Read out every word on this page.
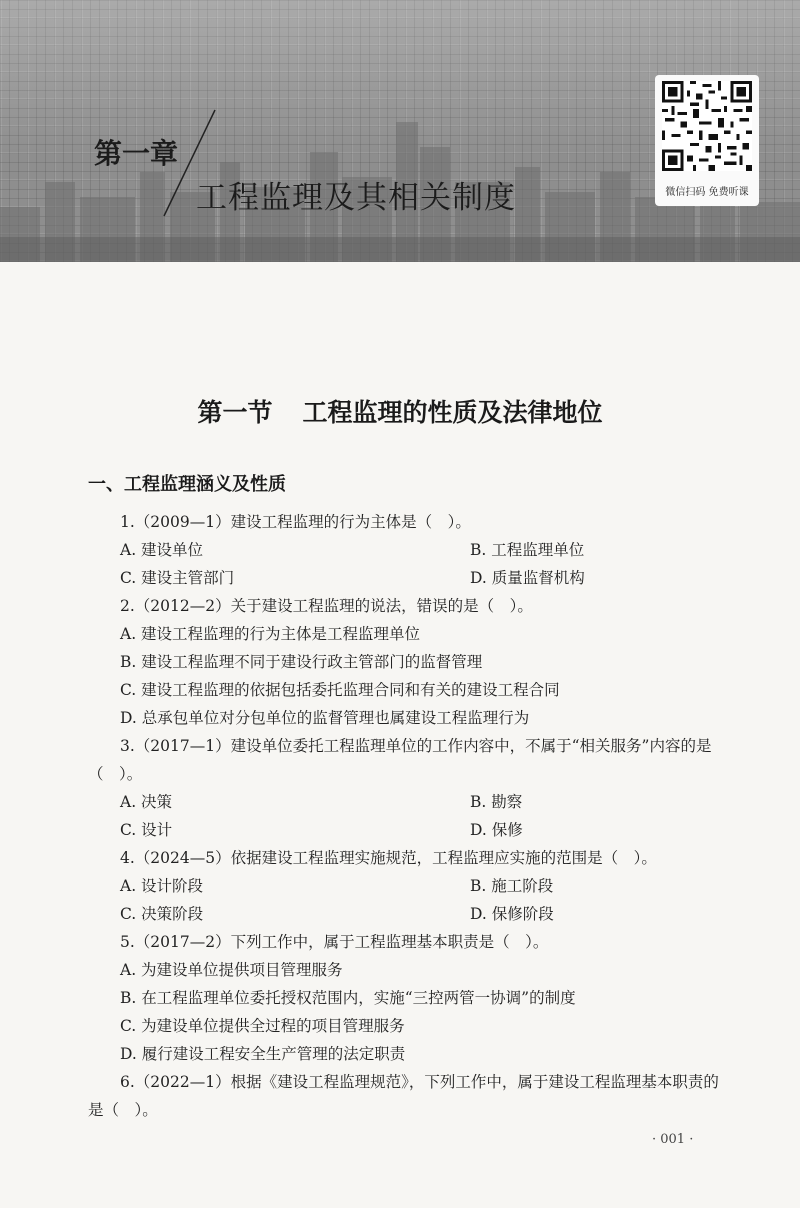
第一章
工程监理及其相关制度	微信扫码 免费听课
第一节 工程监理的性质及法律地位
一、工程监理涵义及性质

1.（2009—1）建设工程监理的行为主体是（　）。

A. 建设单位	B. 工程监理单位
C. 建设主管部门	D. 质量监督机构

2.（2012—2）关于建设工程监理的说法，错误的是（　）。

A. 建设工程监理的行为主体是工程监理单位

B. 建设工程监理不同于建设行政主管部门的监督管理

C. 建设工程监理的依据包括委托监理合同和有关的建设工程合同

D. 总承包单位对分包单位的监督管理也属建设工程监理行为

3.（2017—1）建设单位委托工程监理单位的工作内容中，不属于“相关服务”内容的是（　）。

A. 决策	B. 勘察
C. 设计	D. 保修

4.（2024—5）依据建设工程监理实施规范，工程监理应实施的范围是（　）。

A. 设计阶段	B. 施工阶段
C. 决策阶段	D. 保修阶段

5.（2017—2）下列工作中，属于工程监理基本职责是（　）。

A. 为建设单位提供项目管理服务

B. 在工程监理单位委托授权范围内，实施“三控两管一协调”的制度

C. 为建设单位提供全过程的项目管理服务

D. 履行建设工程安全生产管理的法定职责

6.（2022—1）根据《建设工程监理规范》，下列工作中，属于建设工程监理基本职责的是（　）。

· 001 ·
